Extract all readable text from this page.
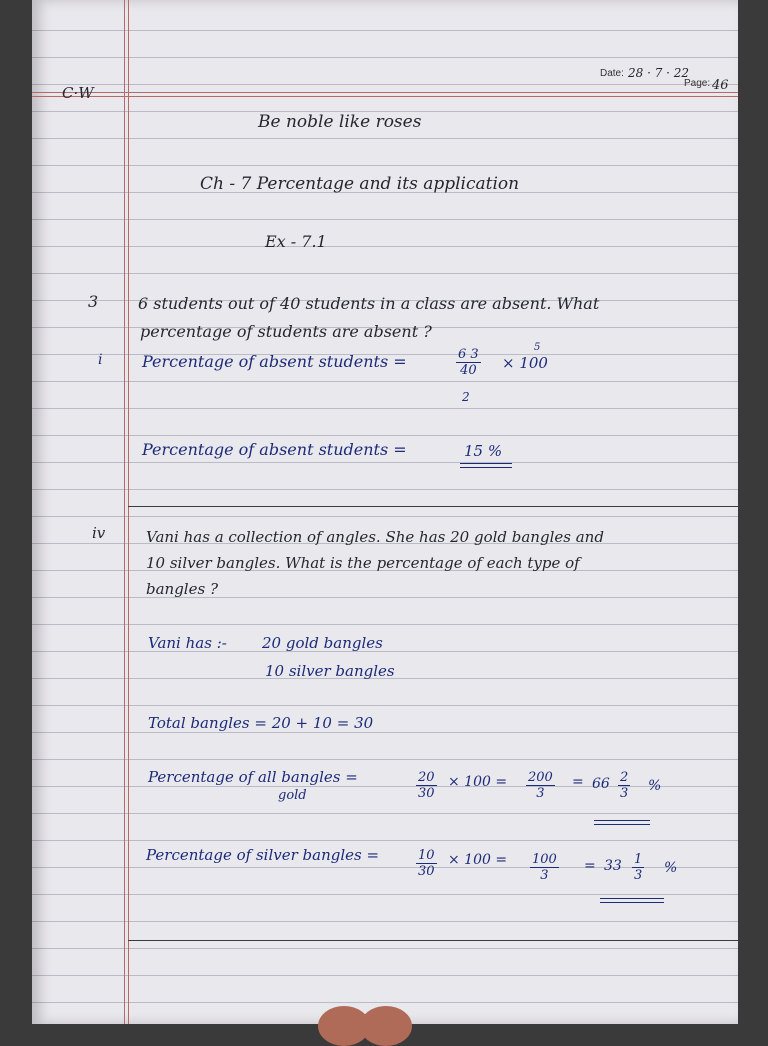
Date: 28 · 7 · 22
Page: 46
C·W
Be noble like roses
Ch - 7 Percentage and its application
Ex - 7.1
3 6 students out of 40 students in a class are absent. What
percentage of students are absent ?
i Percentage of absent students =	$\frac{6 3}{40}$
2
× 100
5
Percentage of absent students =	15 %
iv	Vani has a collection of angles. She has 20 gold bangles and
10 silver bangles. What is the percentage of each type of
bangles ?
Vani has :- 20 gold bangles
10 silver bangles
Total bangles = 20 + 10 = 30
Percentage of all bangles =
gold	$\frac{20}{30} \times 100 = \frac{200}{3} = 66 \frac{2}{3}$ %
Percentage of silver bangles =	$\frac{10}{30} \times 100 = \frac{100}{3} = 33 \frac{1}{3}$ %
